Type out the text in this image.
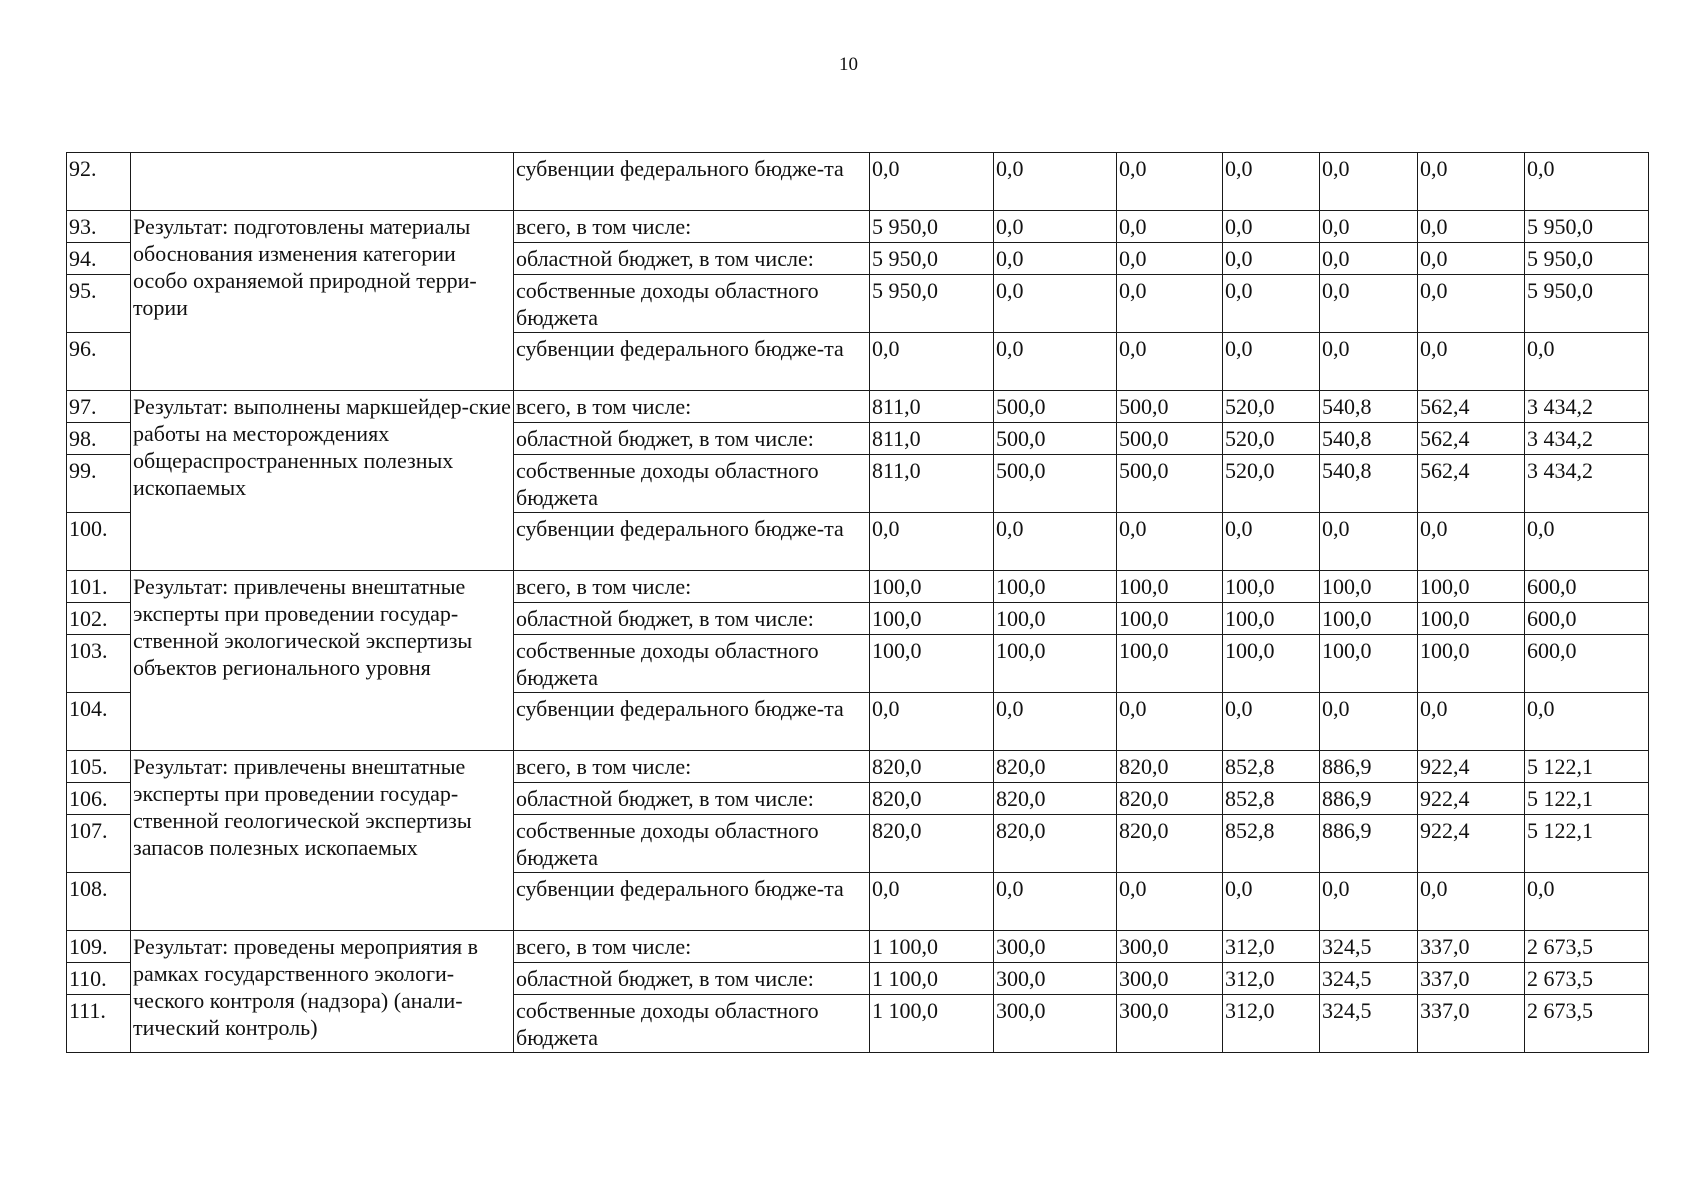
10
92.		субвенции федерального бюдже-та	0,0	0,0	0,0	0,0	0,0	0,0	0,0
93.	Результат: подготовлены материалы обоснования изменения категории особо охраняемой природной терри-тории	всего, в том числе:	5 950,0	0,0	0,0	0,0	0,0	0,0	5 950,0
94.		областной бюджет, в том числе:	5 950,0	0,0	0,0	0,0	0,0	0,0	5 950,0
95.		собственные доходы областного бюджета	5 950,0	0,0	0,0	0,0	0,0	0,0	5 950,0
96.		субвенции федерального бюдже-та	0,0	0,0	0,0	0,0	0,0	0,0	0,0
97.	Результат: выполнены маркшейдер-ские работы на месторождениях общераспространенных полезных ископаемых	всего, в том числе:	811,0	500,0	500,0	520,0	540,8	562,4	3 434,2
98.		областной бюджет, в том числе:	811,0	500,0	500,0	520,0	540,8	562,4	3 434,2
99.		собственные доходы областного бюджета	811,0	500,0	500,0	520,0	540,8	562,4	3 434,2
100.		субвенции федерального бюдже-та	0,0	0,0	0,0	0,0	0,0	0,0	0,0
101.	Результат: привлечены внештатные эксперты при проведении государ-ственной экологической экспертизы объектов регионального уровня	всего, в том числе:	100,0	100,0	100,0	100,0	100,0	100,0	600,0
102.		областной бюджет, в том числе:	100,0	100,0	100,0	100,0	100,0	100,0	600,0
103.		собственные доходы областного бюджета	100,0	100,0	100,0	100,0	100,0	100,0	600,0
104.		субвенции федерального бюдже-та	0,0	0,0	0,0	0,0	0,0	0,0	0,0
105.	Результат: привлечены внештатные эксперты при проведении государ-ственной геологической экспертизы запасов полезных ископаемых	всего, в том числе:	820,0	820,0	820,0	852,8	886,9	922,4	5 122,1
106.		областной бюджет, в том числе:	820,0	820,0	820,0	852,8	886,9	922,4	5 122,1
107.		собственные доходы областного бюджета	820,0	820,0	820,0	852,8	886,9	922,4	5 122,1
108.		субвенции федерального бюдже-та	0,0	0,0	0,0	0,0	0,0	0,0	0,0
109.	Результат: проведены мероприятия в рамках государственного экологи-ческого контроля (надзора) (анали-тический контроль)	всего, в том числе:	1 100,0	300,0	300,0	312,0	324,5	337,0	2 673,5
110.		областной бюджет, в том числе:	1 100,0	300,0	300,0	312,0	324,5	337,0	2 673,5
111.		собственные доходы областного бюджета	1 100,0	300,0	300,0	312,0	324,5	337,0	2 673,5
